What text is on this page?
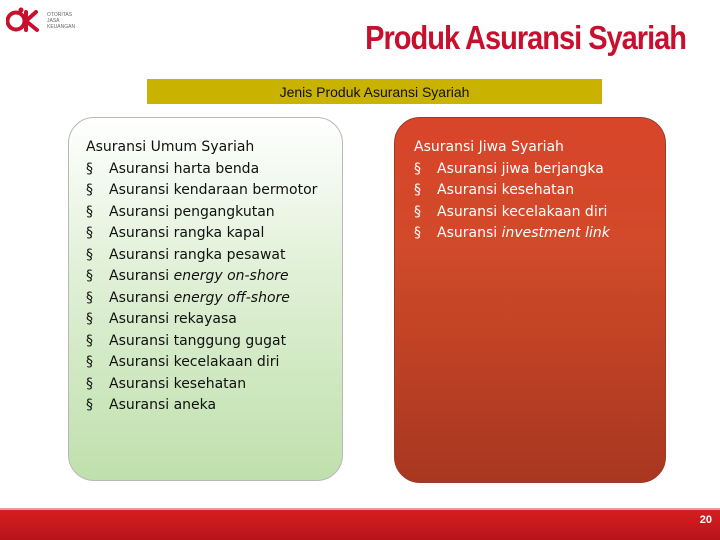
OTORITAS
JASA
KEUANGAN	Produk Asuransi Syariah
Jenis Produk Asuransi Syariah
Asuransi Umum Syariah
§	Asuransi harta benda
§	Asuransi kendaraan bermotor
§	Asuransi pengangkutan
§	Asuransi rangka kapal
§	Asuransi rangka pesawat
§	Asuransi energy on-shore
§	Asuransi energy off-shore
§	Asuransi rekayasa
§	Asuransi tanggung gugat
§	Asuransi kecelakaan diri
§	Asuransi kesehatan
§	Asuransi aneka
Asuransi Jiwa Syariah
§	Asuransi jiwa berjangka
§	Asuransi kesehatan
§	Asuransi kecelakaan diri
§	Asuransi investment link
20
